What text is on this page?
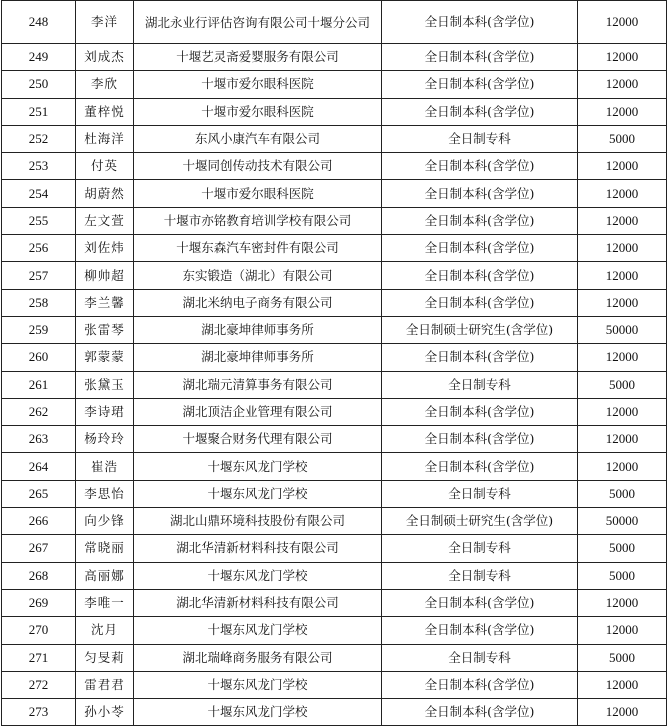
248	李洋	湖北永业行评估咨询有限公司十堰分公司	全日制本科(含学位)	12000
249	刘成杰	十堰艺灵斋爱婴服务有限公司	全日制本科(含学位)	12000
250	李欣	十堰市爱尔眼科医院	全日制本科(含学位)	12000
251	董梓悦	十堰市爱尔眼科医院	全日制本科(含学位)	12000
252	杜海洋	东风小康汽车有限公司	全日制专科	5000
253	付英	十堰同创传动技术有限公司	全日制本科(含学位)	12000
254	胡蔚然	十堰市爱尔眼科医院	全日制本科(含学位)	12000
255	左文萱	十堰市亦铭教育培训学校有限公司	全日制本科(含学位)	12000
256	刘佐炜	十堰东森汽车密封件有限公司	全日制本科(含学位)	12000
257	柳帅超	东实锻造（湖北）有限公司	全日制本科(含学位)	12000
258	李兰馨	湖北米纳电子商务有限公司	全日制本科(含学位)	12000
259	张雷琴	湖北豪坤律师事务所	全日制硕士研究生(含学位)	50000
260	郭蒙蒙	湖北豪坤律师事务所	全日制本科(含学位)	12000
261	张黛玉	湖北瑞元清算事务有限公司	全日制专科	5000
262	李诗珺	湖北顶洁企业管理有限公司	全日制本科(含学位)	12000
263	杨玲玲	十堰聚合财务代理有限公司	全日制本科(含学位)	12000
264	崔浩	十堰东风龙门学校	全日制本科(含学位)	12000
265	李思怡	十堰东风龙门学校	全日制专科	5000
266	向少锋	湖北山鼎环境科技股份有限公司	全日制硕士研究生(含学位)	50000
267	常晓丽	湖北华清新材料科技有限公司	全日制专科	5000
268	高丽娜	十堰东风龙门学校	全日制专科	5000
269	李唯一	湖北华清新材料科技有限公司	全日制本科(含学位)	12000
270	沈月	十堰东风龙门学校	全日制本科(含学位)	12000
271	匀旻莉	湖北瑞峰商务服务有限公司	全日制专科	5000
272	雷君君	十堰东风龙门学校	全日制本科(含学位)	12000
273	孙小苓	十堰东风龙门学校	全日制本科(含学位)	12000
